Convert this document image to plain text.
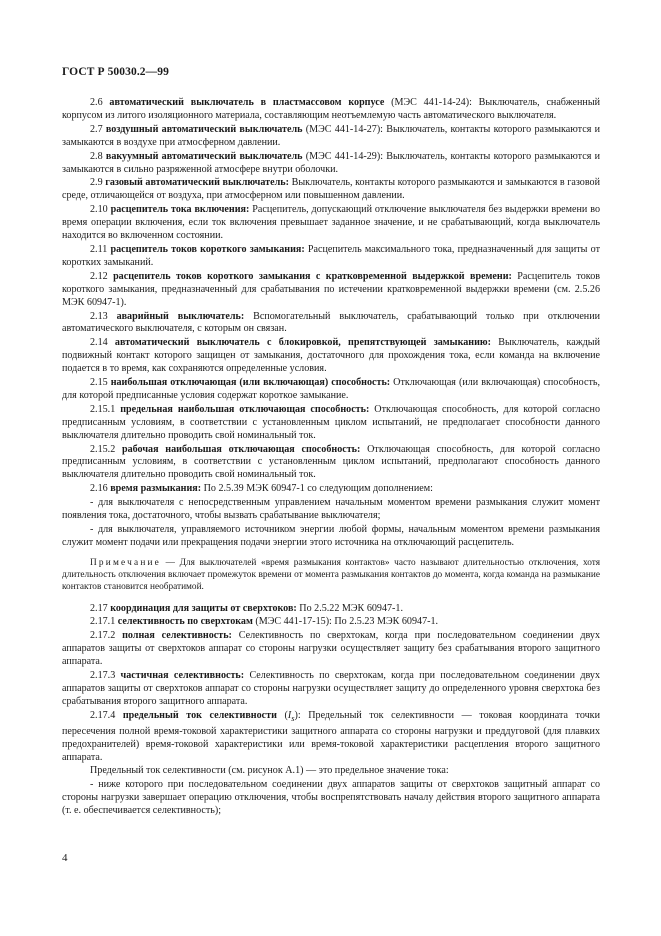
ГОСТ Р 50030.2—99

2.6 автоматический выключатель в пластмассовом корпусе (МЭС 441-14-24): Выключатель, снабженный корпусом из литого изоляционного материала, составляющим неотъемлемую часть автоматического выключателя.

2.7 воздушный автоматический выключатель (МЭС 441-14-27): Выключатель, контакты которого размыкаются и замыкаются в воздухе при атмосферном давлении.

2.8 вакуумный автоматический выключатель (МЭС 441-14-29): Выключатель, контакты которого размыкаются и замыкаются в сильно разряженной атмосфере внутри оболочки.

2.9 газовый автоматический выключатель: Выключатель, контакты которого размыкаются и замыкаются в газовой среде, отличающейся от воздуха, при атмосферном или повышенном давлении.

2.10 расцепитель тока включения: Расцепитель, допускающий отключение выключателя без выдержки времени во время операции включения, если ток включения превышает заданное значение, и не срабатывающий, когда выключатель находится во включенном состоянии.

2.11 расцепитель токов короткого замыкания: Расцепитель максимального тока, предназначенный для защиты от коротких замыканий.

2.12 расцепитель токов короткого замыкания с кратковременной выдержкой времени: Расцепитель токов короткого замыкания, предназначенный для срабатывания по истечении кратковременной выдержки времени (см. 2.5.26 МЭК 60947-1).

2.13 аварийный выключатель: Вспомогательный выключатель, срабатывающий только при отключении автоматического выключателя, с которым он связан.

2.14 автоматический выключатель с блокировкой, препятствующей замыканию: Выключатель, каждый подвижный контакт которого защищен от замыкания, достаточного для прохождения тока, если команда на включение подается в то время, как сохраняются определенные условия.

2.15 наибольшая отключающая (или включающая) способность: Отключающая (или включающая) способность, для которой предписанные условия содержат короткое замыкание.

2.15.1 предельная наибольшая отключающая способность: Отключающая способность, для которой согласно предписанным условиям, в соответствии с установленным циклом испытаний, не предполагает способности данного выключателя длительно проводить свой номинальный ток.

2.15.2 рабочая наибольшая отключающая способность: Отключающая способность, для которой согласно предписанным условиям, в соответствии с установленным циклом испытаний, предполагают способность данного выключателя длительно проводить свой номинальный ток.

2.16 время размыкания: По 2.5.39 МЭК 60947-1 со следующим дополнением:

- для выключателя с непосредственным управлением начальным моментом времени размыкания служит момент появления тока, достаточного, чтобы вызвать срабатывание выключателя;

- для выключателя, управляемого источником энергии любой формы, начальным моментом времени размыкания служит момент подачи или прекращения подачи энергии этого источника на отключающий расцепитель.

Примечание — Для выключателей «время размыкания контактов» часто называют длительностью отключения, хотя длительность отключения включает промежуток времени от момента размыкания контактов до момента, когда команда на размыкание контактов становится необратимой.

2.17 координация для защиты от сверхтоков: По 2.5.22 МЭК 60947-1.

2.17.1 селективность по сверхтокам (МЭС 441-17-15): По 2.5.23 МЭК 60947-1.

2.17.2 полная селективность: Селективность по сверхтокам, когда при последовательном соединении двух аппаратов защиты от сверхтоков аппарат со стороны нагрузки осуществляет защиту без срабатывания второго защитного аппарата.

2.17.3 частичная селективность: Селективность по сверхтокам, когда при последовательном соединении двух аппаратов защиты от сверхтоков аппарат со стороны нагрузки осуществляет защиту до определенного уровня сверхтока без срабатывания второго защитного аппарата.

2.17.4 предельный ток селективности $(I_s)$: Предельный ток селективности — токовая координата точки пересечения полной время-токовой характеристики защитного аппарата со стороны нагрузки и преддуговой (для плавких предохранителей) время-токовой характеристики или время-токовой характеристики расцепления второго защитного аппарата.

Предельный ток селективности (см. рисунок А.1) — это предельное значение тока:

- ниже которого при последовательном соединении двух аппаратов защиты от сверхтоков защитный аппарат со стороны нагрузки завершает операцию отключения, чтобы воспрепятствовать началу действия второго защитного аппарата (т. е. обеспечивается селективность);

4
